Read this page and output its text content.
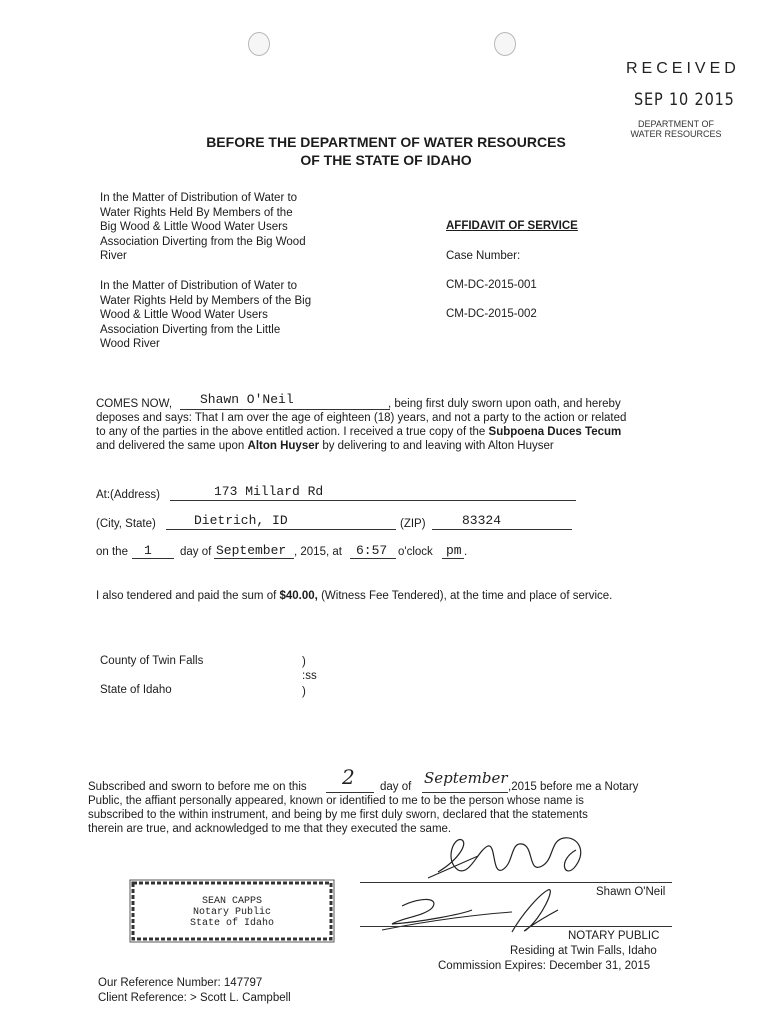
RECEIVED
SEP 10 2015
DEPARTMENT OF
WATER RESOURCES
BEFORE THE DEPARTMENT OF WATER RESOURCES
OF THE STATE OF IDAHO
In the Matter of Distribution of Water to
Water Rights Held By Members of the
Big Wood & Little Wood Water Users
Association Diverting from the Big Wood
River
In the Matter of Distribution of Water to
Water Rights Held by Members of the Big
Wood & Little Wood Water Users
Association Diverting from the Little
Wood River
AFFIDAVIT OF SERVICE
Case Number:
CM-DC-2015-001
CM-DC-2015-002
COMES NOW, Shawn O'Neil	, being first duly sworn upon oath, and hereby
deposes and says: That I am over the age of eighteen (18) years, and not a party to the action or related
to any of the parties in the above entitled action. I received a true copy of the Subpoena Duces Tecum
and delivered the same upon Alton Huyser by delivering to and leaving with Alton Huyser
At:(Address)	173 Millard Rd
(City, State)	Dietrich, ID	(ZIP)	83324
on the 1 day of September , 2015, at 6:57 o'clock pm .
I also tendered and paid the sum of $40.00, (Witness Fee Tendered), at the time and place of service.
County of Twin Falls	)
:ss
State of Idaho	)
Subscribed and sworn to before me on this 2 day of September ,2015 before me a Notary
Public, the affiant personally appeared, known or identified to me to be the person whose name is
subscribed to the within instrument, and being by me first duly sworn, declared that the statements
therein are true, and acknowledged to me that they executed the same.
Shawn O'Neil
NOTARY PUBLIC
Residing at Twin Falls, Idaho
Commission Expires: December 31, 2015
SEAN CAPPS
Notary Public
State of Idaho
Our Reference Number: 147797
Client Reference: > Scott L. Campbell
